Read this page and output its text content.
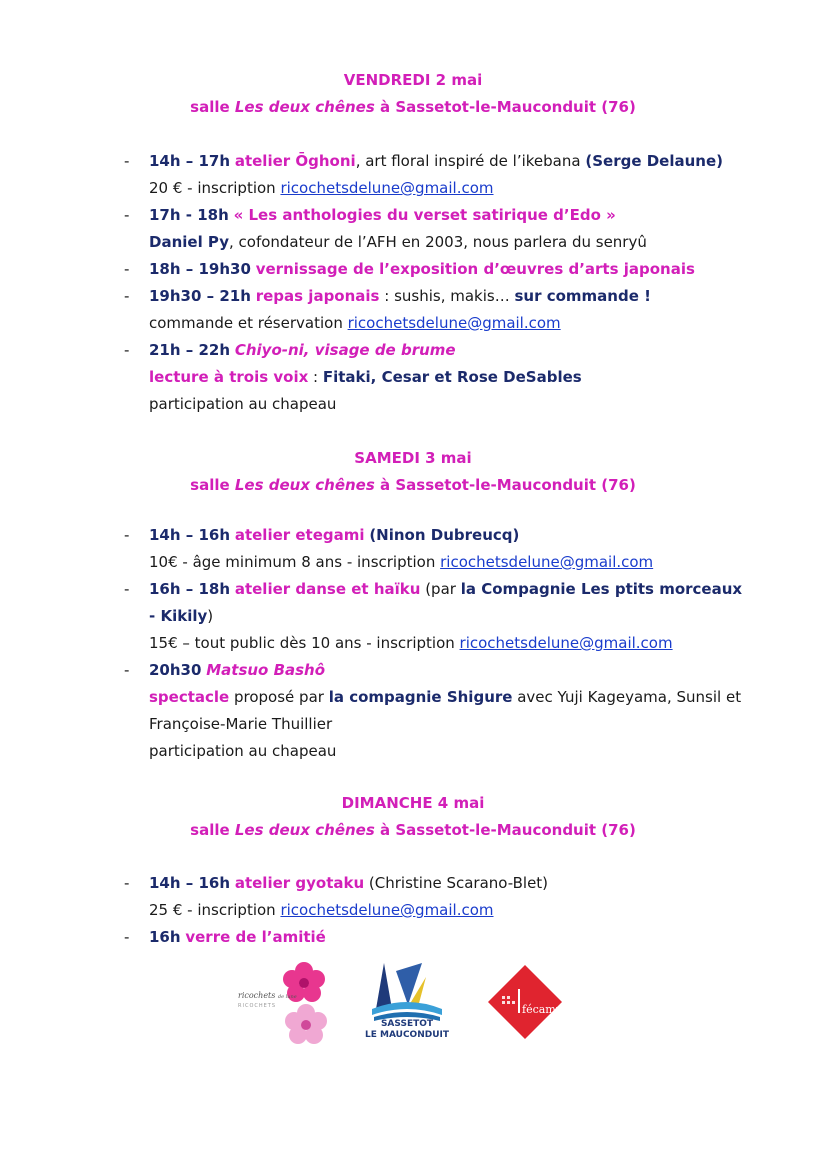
VENDREDI 2 mai

salle Les deux chênes à Sassetot-le-Mauconduit (76)

-	14h – 17h atelier Ōghoni, art floral inspiré de l’ikebana (Serge Delaune)

20 € - inscription ricochetsdelune@gmail.com

-	17h - 18h « Les anthologies du verset satirique d’Edo »

Daniel Py, cofondateur de l’AFH en 2003, nous parlera du senryû

-	18h – 19h30 vernissage de l’exposition d’œuvres d’arts japonais

-	19h30 – 21h repas japonais : sushis, makis… sur commande !

commande et réservation ricochetsdelune@gmail.com

-	21h – 22h Chiyo-ni, visage de brume

lecture à trois voix : Fitaki, Cesar et Rose DeSables

participation au chapeau

SAMEDI 3 mai

salle Les deux chênes à Sassetot-le-Mauconduit (76)

-	14h – 16h atelier etegami (Ninon Dubreucq)

10€ - âge minimum 8 ans - inscription ricochetsdelune@gmail.com

-	16h – 18h atelier danse et haïku (par la Compagnie Les ptits morceaux

- Kikily)

15€ – tout public dès 10 ans - inscription ricochetsdelune@gmail.com

-	20h30 Matsuo Bashô

spectacle proposé par la compagnie Shigure avec Yuji Kageyama, Sunsil et

Françoise-Marie Thuillier

participation au chapeau

DIMANCHE 4 mai

salle Les deux chênes à Sassetot-le-Mauconduit (76)

-	14h – 16h atelier gyotaku (Christine Scarano-Blet)

25 € - inscription ricochetsdelune@gmail.com

-	16h verre de l’amitié

ricochets de lune
RICOCHETS
SASSETOT
LE MAUCONDUIT
fécamp
